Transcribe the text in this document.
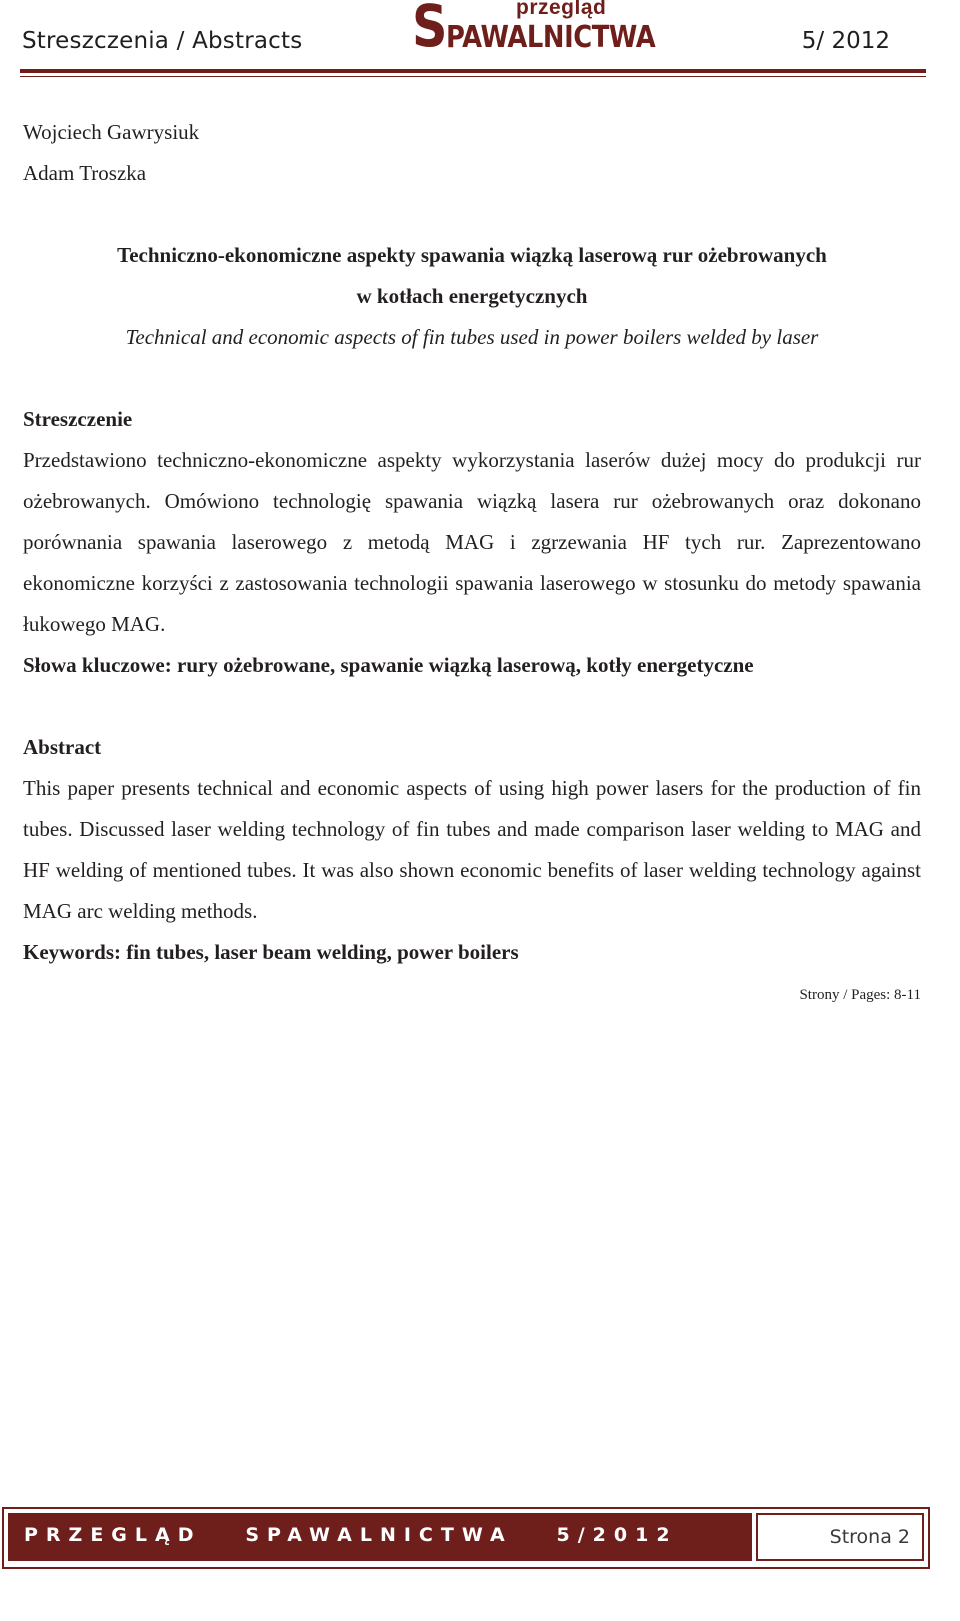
Streszczenia / Abstracts
przegląd
S
PAWALNICTWA	5/ 2012

Wojciech Gawrysiuk

Adam Troszka

Techniczno-ekonomiczne aspekty spawania wiązką laserową rur ożebrowanych

w kotłach energetycznych

Technical and economic aspects of fin tubes used in power boilers welded by laser

Streszczenie

Przedstawiono techniczno-ekonomiczne aspekty wykorzystania laserów dużej mocy do produkcji rur ożebrowanych. Omówiono technologię spawania wiązką lasera rur ożebrowanych oraz dokonano porównania spawania laserowego z metodą MAG i zgrzewania HF tych rur. Zaprezentowano ekonomiczne korzyści z zastosowania technologii spawania laserowego w stosunku do metody spawania łukowego MAG.

Słowa kluczowe: rury ożebrowane, spawanie wiązką laserową, kotły energetyczne

Abstract

This paper presents technical and economic aspects of using high power lasers for the production of fin tubes. Discussed laser welding technology of fin tubes and made comparison laser welding to MAG and HF welding of mentioned tubes. It was also shown economic benefits of laser welding technology against MAG arc welding methods.

Keywords: fin tubes, laser beam welding, power boilers

Strony / Pages: 8-11

PRZEGLĄD   SPAWALNICTWA   5/2012	Strona 2
